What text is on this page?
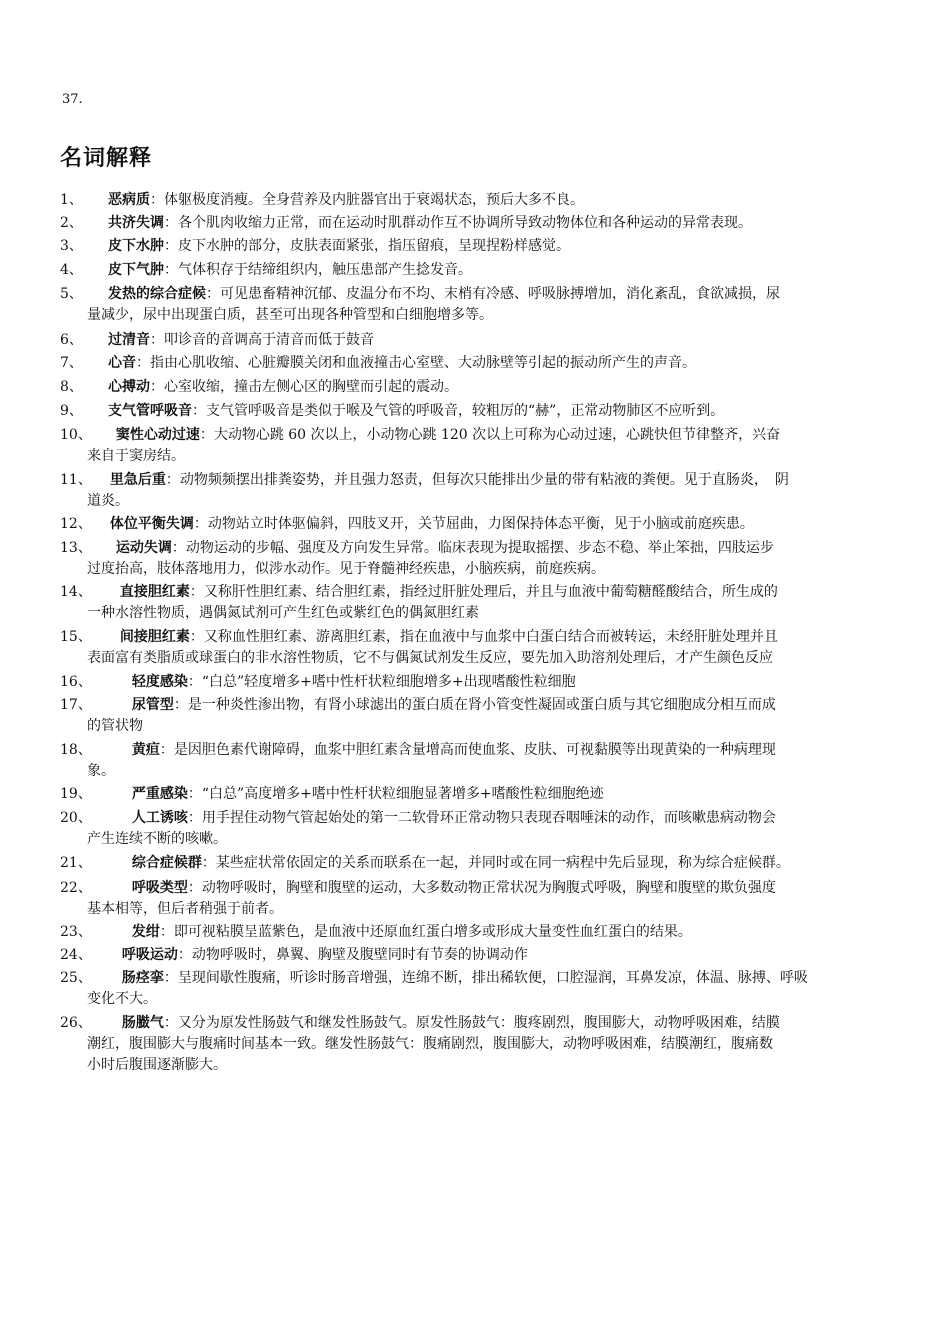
37.
名词解释
1、 恶病质：体躯极度消瘦。全身营养及内脏器官出于衰竭状态，预后大多不良。
2、 共济失调：各个肌肉收缩力正常，而在运动时肌群动作互不协调所导致动物体位和各种运动的异常表现。
3、 皮下水肿：皮下水肿的部分，皮肤表面紧张，指压留痕，呈现捏粉样感觉。
4、 皮下气肿：气体积存于结缔组织内，触压患部产生捻发音。
5、 发热的综合症候：可见患畜精神沉郁、皮温分布不均、末梢有冷感、呼吸脉搏增加，消化紊乱，食欲减损，尿
量减少，尿中出现蛋白质，甚至可出现各种管型和白细胞增多等。
6、 过清音：叩诊音的音调高于清音而低于鼓音
7、 心音：指由心肌收缩、心脏瓣膜关闭和血液撞击心室壁、大动脉壁等引起的振动所产生的声音。
8、 心搏动：心室收缩，撞击左侧心区的胸壁而引起的震动。
9、 支气管呼吸音：支气管呼吸音是类似于喉及气管的呼吸音，较粗厉的“赫”，正常动物肺区不应听到。
10、 窦性心动过速：大动物心跳 60 次以上，小动物心跳 120 次以上可称为心动过速，心跳快但节律整齐，兴奋
来自于窦房结。
11、 里急后重：动物频频摆出排粪姿势，并且强力怒责，但每次只能排出少量的带有粘液的粪便。见于直肠炎，　阴
道炎。
12、 体位平衡失调：动物站立时体驱偏斜，四肢叉开，关节屈曲，力图保持体态平衡，见于小脑或前庭疾患。
13、 运动失调：动物运动的步幅、强度及方向发生异常。临床表现为提取摇摆、步态不稳、举止笨拙，四肢运步
过度抬高，肢体落地用力，似涉水动作。见于脊髓神经疾患，小脑疾病，前庭疾病。
14、 直接胆红素：又称肝性胆红素、结合胆红素，指经过肝脏处理后，并且与血液中葡萄糖醛酸结合，所生成的
一种水溶性物质，遇偶氮试剂可产生红色或紫红色的偶氮胆红素
15、 间接胆红素：又称血性胆红素、游离胆红素，指在血液中与血浆中白蛋白结合而被转运，未经肝脏处理并且
表面富有类脂质或球蛋白的非水溶性物质，它不与偶氮试剂发生反应，要先加入助溶剂处理后，才产生颜色反应
16、	轻度感染：“白总”轻度增多+嗜中性杆状粒细胞增多+出现嗜酸性粒细胞
17、	尿管型：是一种炎性渗出物，有肾小球滤出的蛋白质在肾小管变性凝固或蛋白质与其它细胞成分相互而成
的管状物
18、	黄疸：是因胆色素代谢障碍，血浆中胆红素含量增高而使血浆、皮肤、可视黏膜等出现黄染的一种病理现
象。
19、	严重感染：“白总”高度增多+嗜中性杆状粒细胞显著增多+嗜酸性粒细胞绝迹
20、	人工诱咳：用手捏住动物气管起始处的第一二软骨环正常动物只表现吞咽唾沫的动作，而咳嗽患病动物会
产生连续不断的咳嗽。
21、	综合症候群：某些症状常依固定的关系而联系在一起，并同时或在同一病程中先后显现，称为综合症候群。
22、	呼吸类型：动物呼吸时，胸壁和腹壁的运动，大多数动物正常状况为胸腹式呼吸，胸壁和腹壁的欺负强度
基本相等，但后者稍强于前者。
23、	发绀：即可视粘膜呈蓝紫色，是血液中还原血红蛋白增多或形成大量变性血红蛋白的结果。
24、 呼吸运动：动物呼吸时，鼻翼、胸壁及腹壁同时有节奏的协调动作
25、 肠痉挛：呈现间歇性腹痛，听诊时肠音增强，连绵不断，排出稀软便，口腔湿润，耳鼻发凉，体温、脉搏、呼吸
变化不大。
26、 肠臌气：又分为原发性肠鼓气和继发性肠鼓气。原发性肠鼓气：腹疼剧烈，腹围膨大，动物呼吸困难，结膜
潮红，腹围膨大与腹痛时间基本一致。继发性肠鼓气：腹痛剧烈，腹围膨大，动物呼吸困难，结膜潮红，腹痛数
小时后腹围逐渐膨大。
